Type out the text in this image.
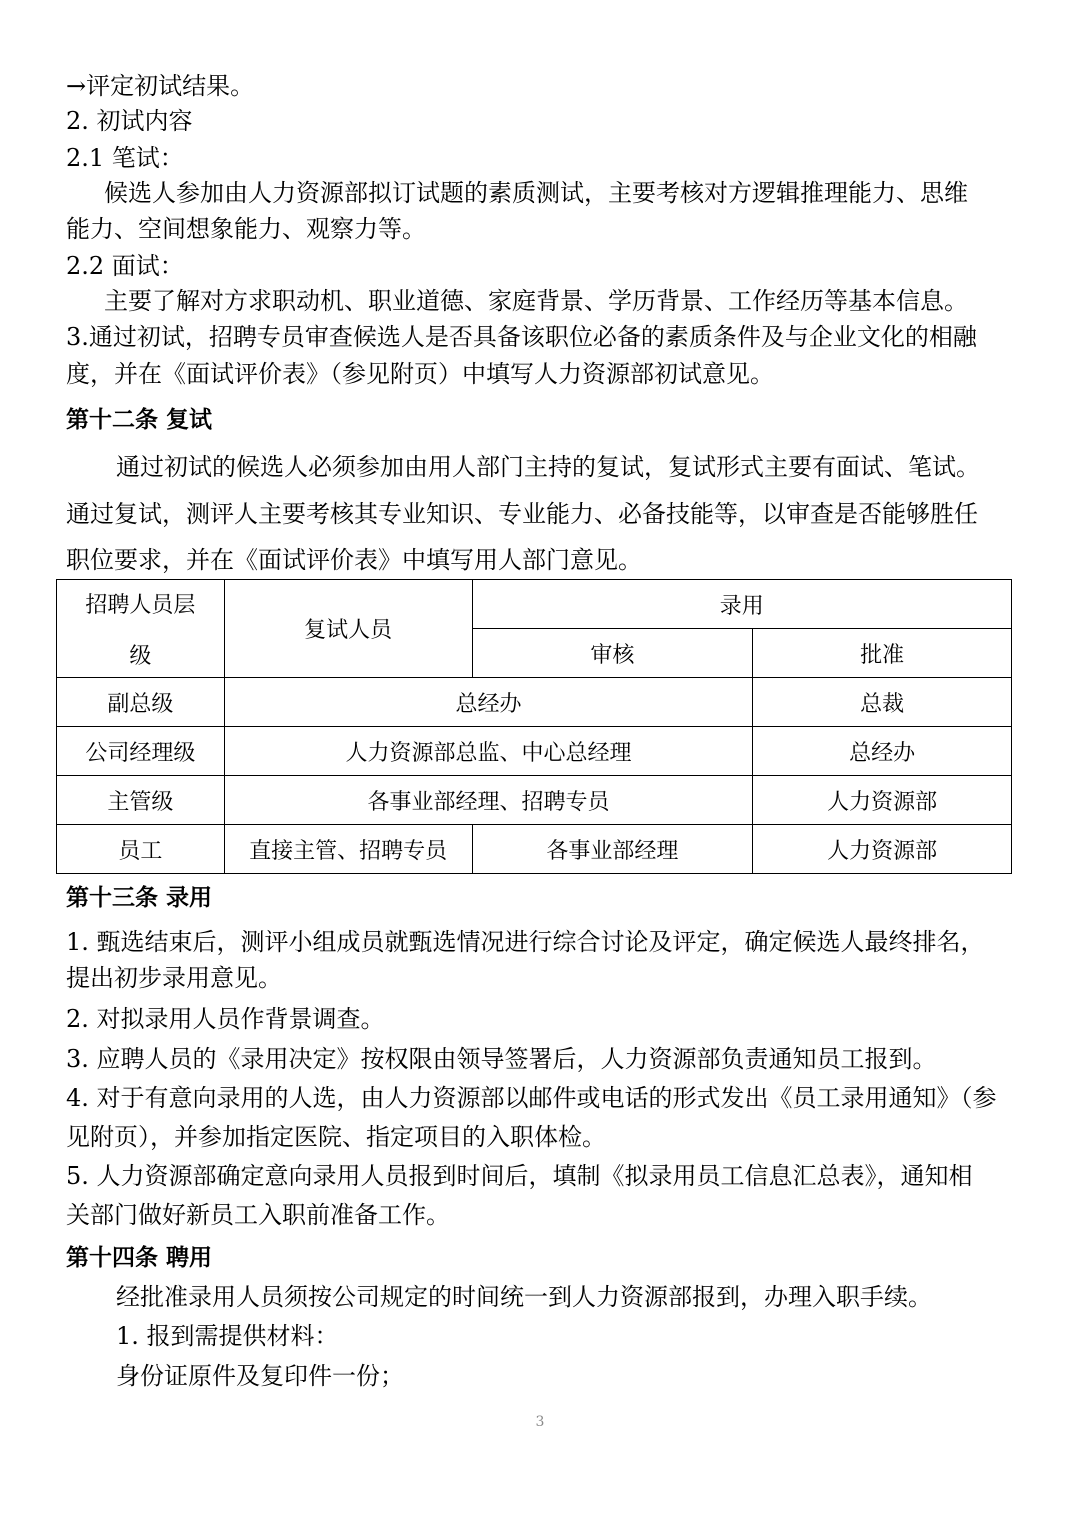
→评定初试结果。
2. 初试内容
2.1 笔试：
候选人参加由人力资源部拟订试题的素质测试，主要考核对方逻辑推理能力、思维
能力、空间想象能力、观察力等。
2.2 面试：
主要了解对方求职动机、职业道德、家庭背景、学历背景、工作经历等基本信息。
3.通过初试，招聘专员审查候选人是否具备该职位必备的素质条件及与企业文化的相融
度，并在《面试评价表》（参见附页）中填写人力资源部初试意见。
第十二条 复试
通过初试的候选人必须参加由用人部门主持的复试，复试形式主要有面试、笔试。
通过复试，测评人主要考核其专业知识、专业能力、必备技能等，以审查是否能够胜任
职位要求，并在《面试评价表》中填写用人部门意见。
招聘人员层
级	复试人员	录用	
		审核	批准
副总级	总经办		总裁
公司经理级	人力资源部总监、中心总经理		总经办
主管级	各事业部经理、招聘专员		人力资源部
员工	直接主管、招聘专员	各事业部经理	人力资源部
第十三条 录用
1. 甄选结束后，测评小组成员就甄选情况进行综合讨论及评定，确定候选人最终排名，
提出初步录用意见。
2. 对拟录用人员作背景调查。
3. 应聘人员的《录用决定》按权限由领导签署后，人力资源部负责通知员工报到。
4. 对于有意向录用的人选，由人力资源部以邮件或电话的形式发出《员工录用通知》（参
见附页），并参加指定医院、指定项目的入职体检。
5. 人力资源部确定意向录用人员报到时间后，填制《拟录用员工信息汇总表》，通知相
关部门做好新员工入职前准备工作。
第十四条 聘用
经批准录用人员须按公司规定的时间统一到人力资源部报到，办理入职手续。
1. 报到需提供材料：
身份证原件及复印件一份；
3
